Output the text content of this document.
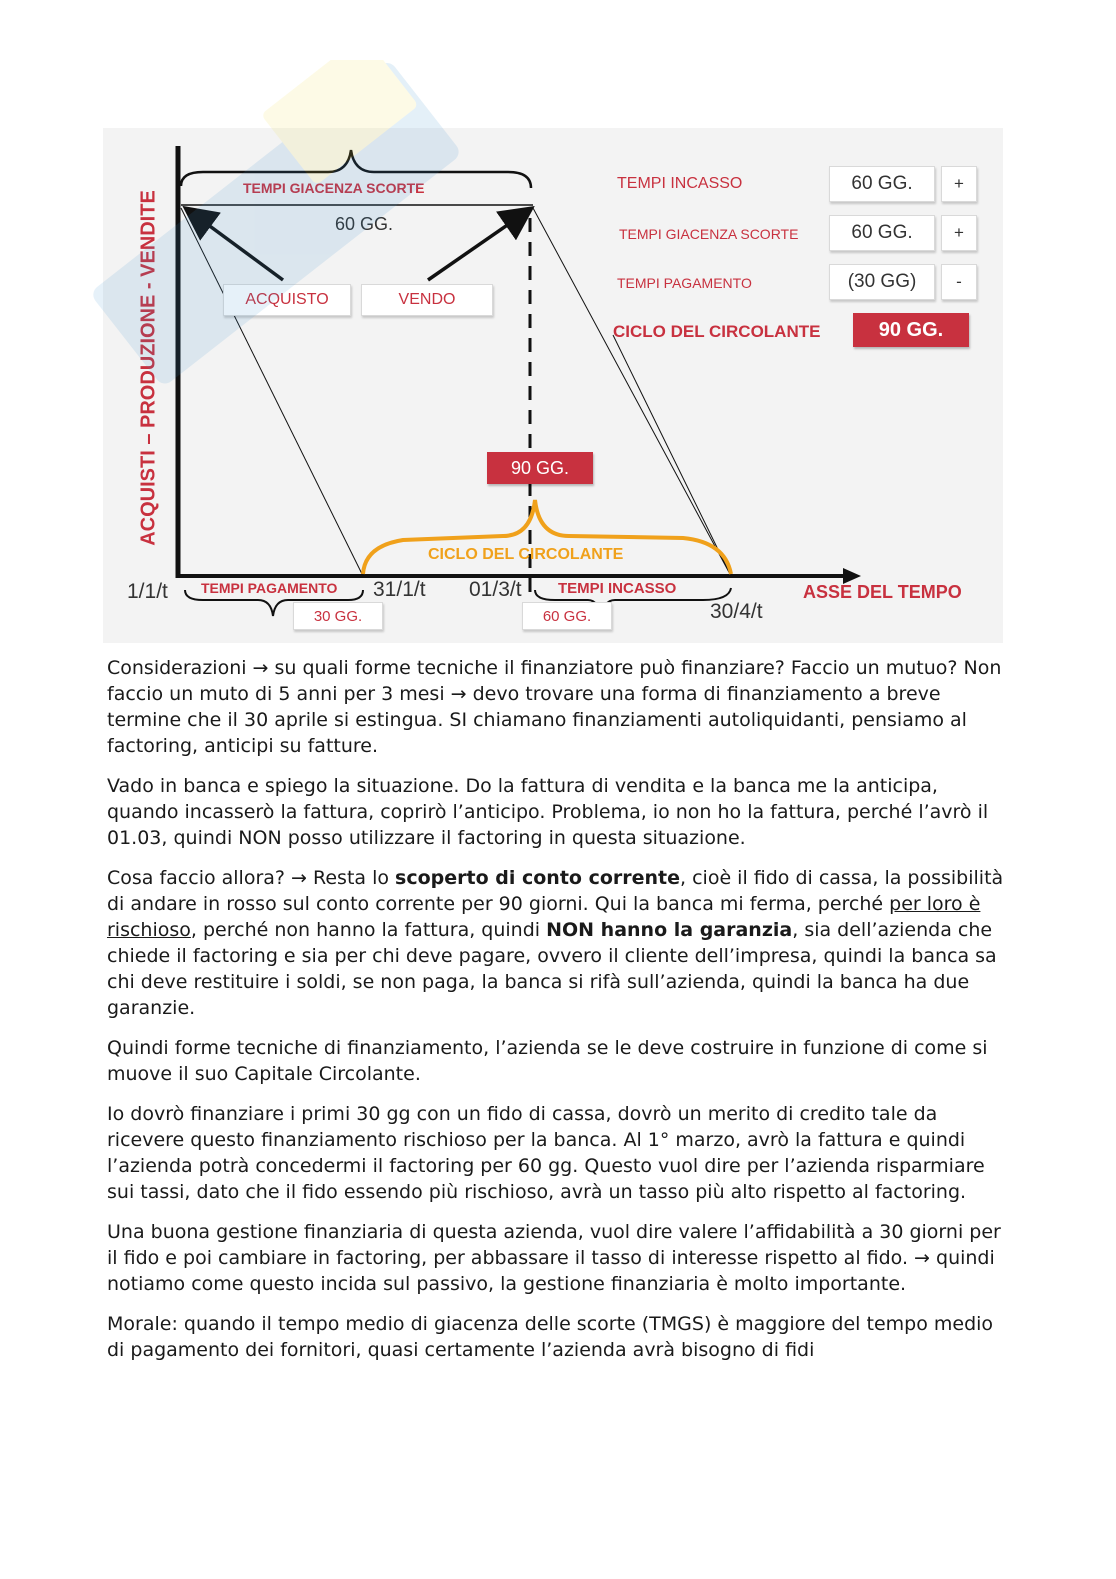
ACQUISTI – PRODUZIONE - VENDITE
TEMPI GIACENZA SCORTE
60 GG.
ACQUISTO	VENDO
90 GG.
CICLO DEL CIRCOLANTE
1/1/t	31/1/t 01/3/t
30/4/t
TEMPI PAGAMENTO
30 GG.
TEMPI INCASSO
60 GG.
ASSE DEL TEMPO
TEMPI INCASSO	60 GG.	+
TEMPI GIACENZA SCORTE	60 GG.	+
TEMPI PAGAMENTO	(30 GG)	-
CICLO DEL CIRCOLANTE	90 GG.

Considerazioni → su quali forme tecniche il finanziatore può finanziare? Faccio un mutuo? Non faccio un muto di 5 anni per 3 mesi → devo trovare una forma di finanziamento a breve termine che il 30 aprile si estingua. SI chiamano finanziamenti autoliquidanti, pensiamo al factoring, anticipi su fatture.

Vado in banca e spiego la situazione. Do la fattura di vendita e la banca me la anticipa, quando incasserò la fattura, coprirò l’anticipo. Problema, io non ho la fattura, perché l’avrò il 01.03, quindi NON posso utilizzare il factoring in questa situazione.

Cosa faccio allora? → Resta lo scoperto di conto corrente, cioè il fido di cassa, la possibilità di andare in rosso sul conto corrente per 90 giorni. Qui la banca mi ferma, perché per loro è rischioso, perché non hanno la fattura, quindi NON hanno la garanzia, sia dell’azienda che chiede il factoring e sia per chi deve pagare, ovvero il cliente dell’impresa, quindi la banca sa chi deve restituire i soldi, se non paga, la banca si rifà sull’azienda, quindi la banca ha due garanzie.

Quindi forme tecniche di finanziamento, l’azienda se le deve costruire in funzione di come si muove il suo Capitale Circolante.

Io dovrò finanziare i primi 30 gg con un fido di cassa, dovrò un merito di credito tale da ricevere questo finanziamento rischioso per la banca. Al 1° marzo, avrò la fattura e quindi l’azienda potrà concedermi il factoring per 60 gg. Questo vuol dire per l’azienda risparmiare sui tassi, dato che il fido essendo più rischioso, avrà un tasso più alto rispetto al factoring.

Una buona gestione finanziaria di questa azienda, vuol dire valere l’affidabilità a 30 giorni per il fido e poi cambiare in factoring, per abbassare il tasso di interesse rispetto al fido. → quindi notiamo come questo incida sul passivo, la gestione finanziaria è molto importante.

Morale: quando il tempo medio di giacenza delle scorte (TMGS) è maggiore del tempo medio di pagamento dei fornitori, quasi certamente l’azienda avrà bisogno di fidi
